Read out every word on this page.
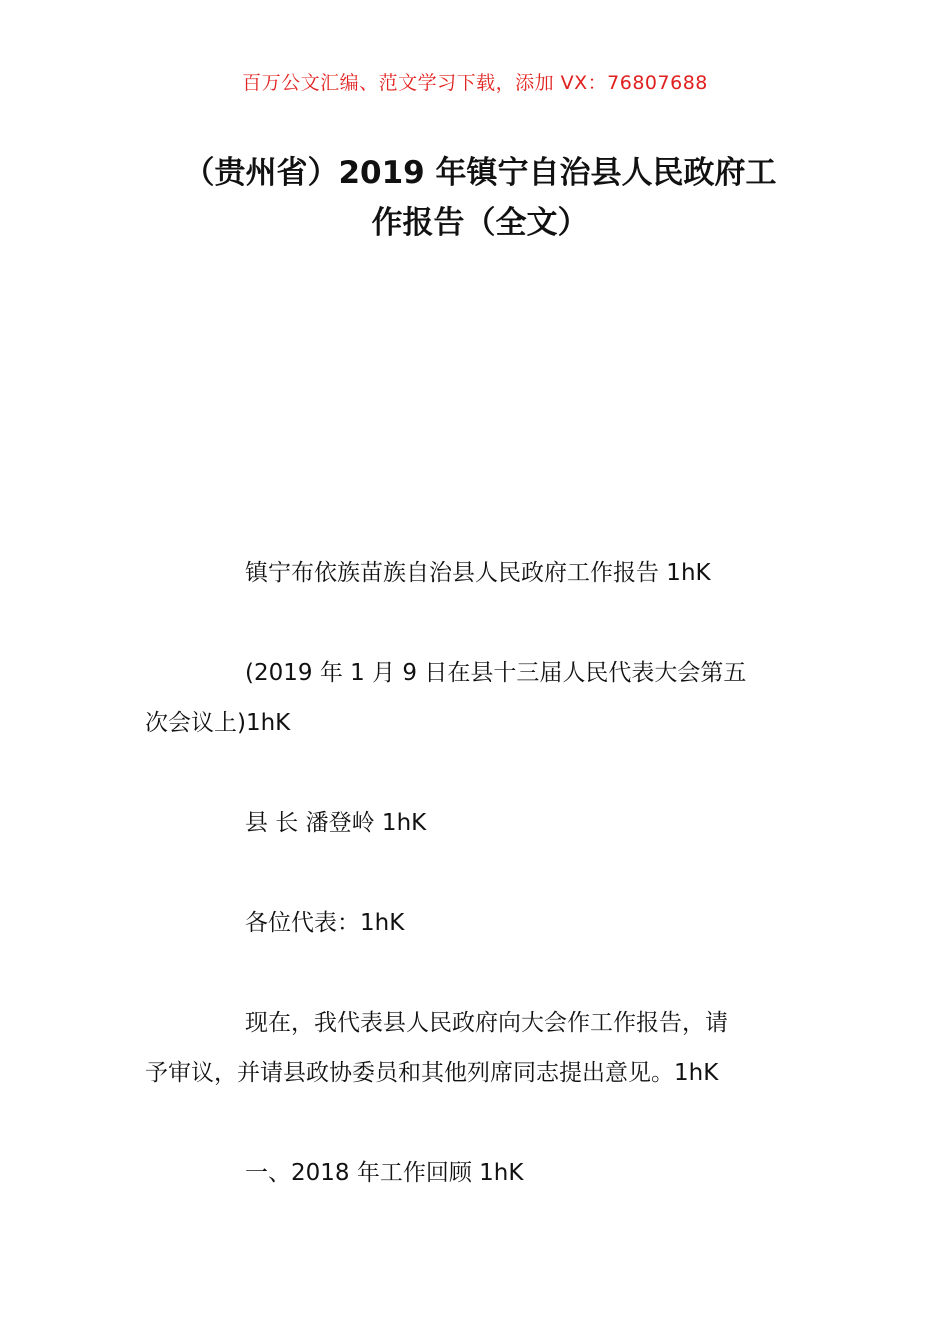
百万公文汇编、范文学习下载，添加 VX：76807688
（贵州省）2019 年镇宁自治县人民政府工
作报告（全文）
镇宁布依族苗族自治县人民政府工作报告 1hK
(2019 年 1 月 9 日在县十三届人民代表大会第五
次会议上)1hK
县 长 潘登岭 1hK
各位代表：1hK
现在，我代表县人民政府向大会作工作报告，请
予审议，并请县政协委员和其他列席同志提出意见。1hK
一、2018 年工作回顾 1hK
